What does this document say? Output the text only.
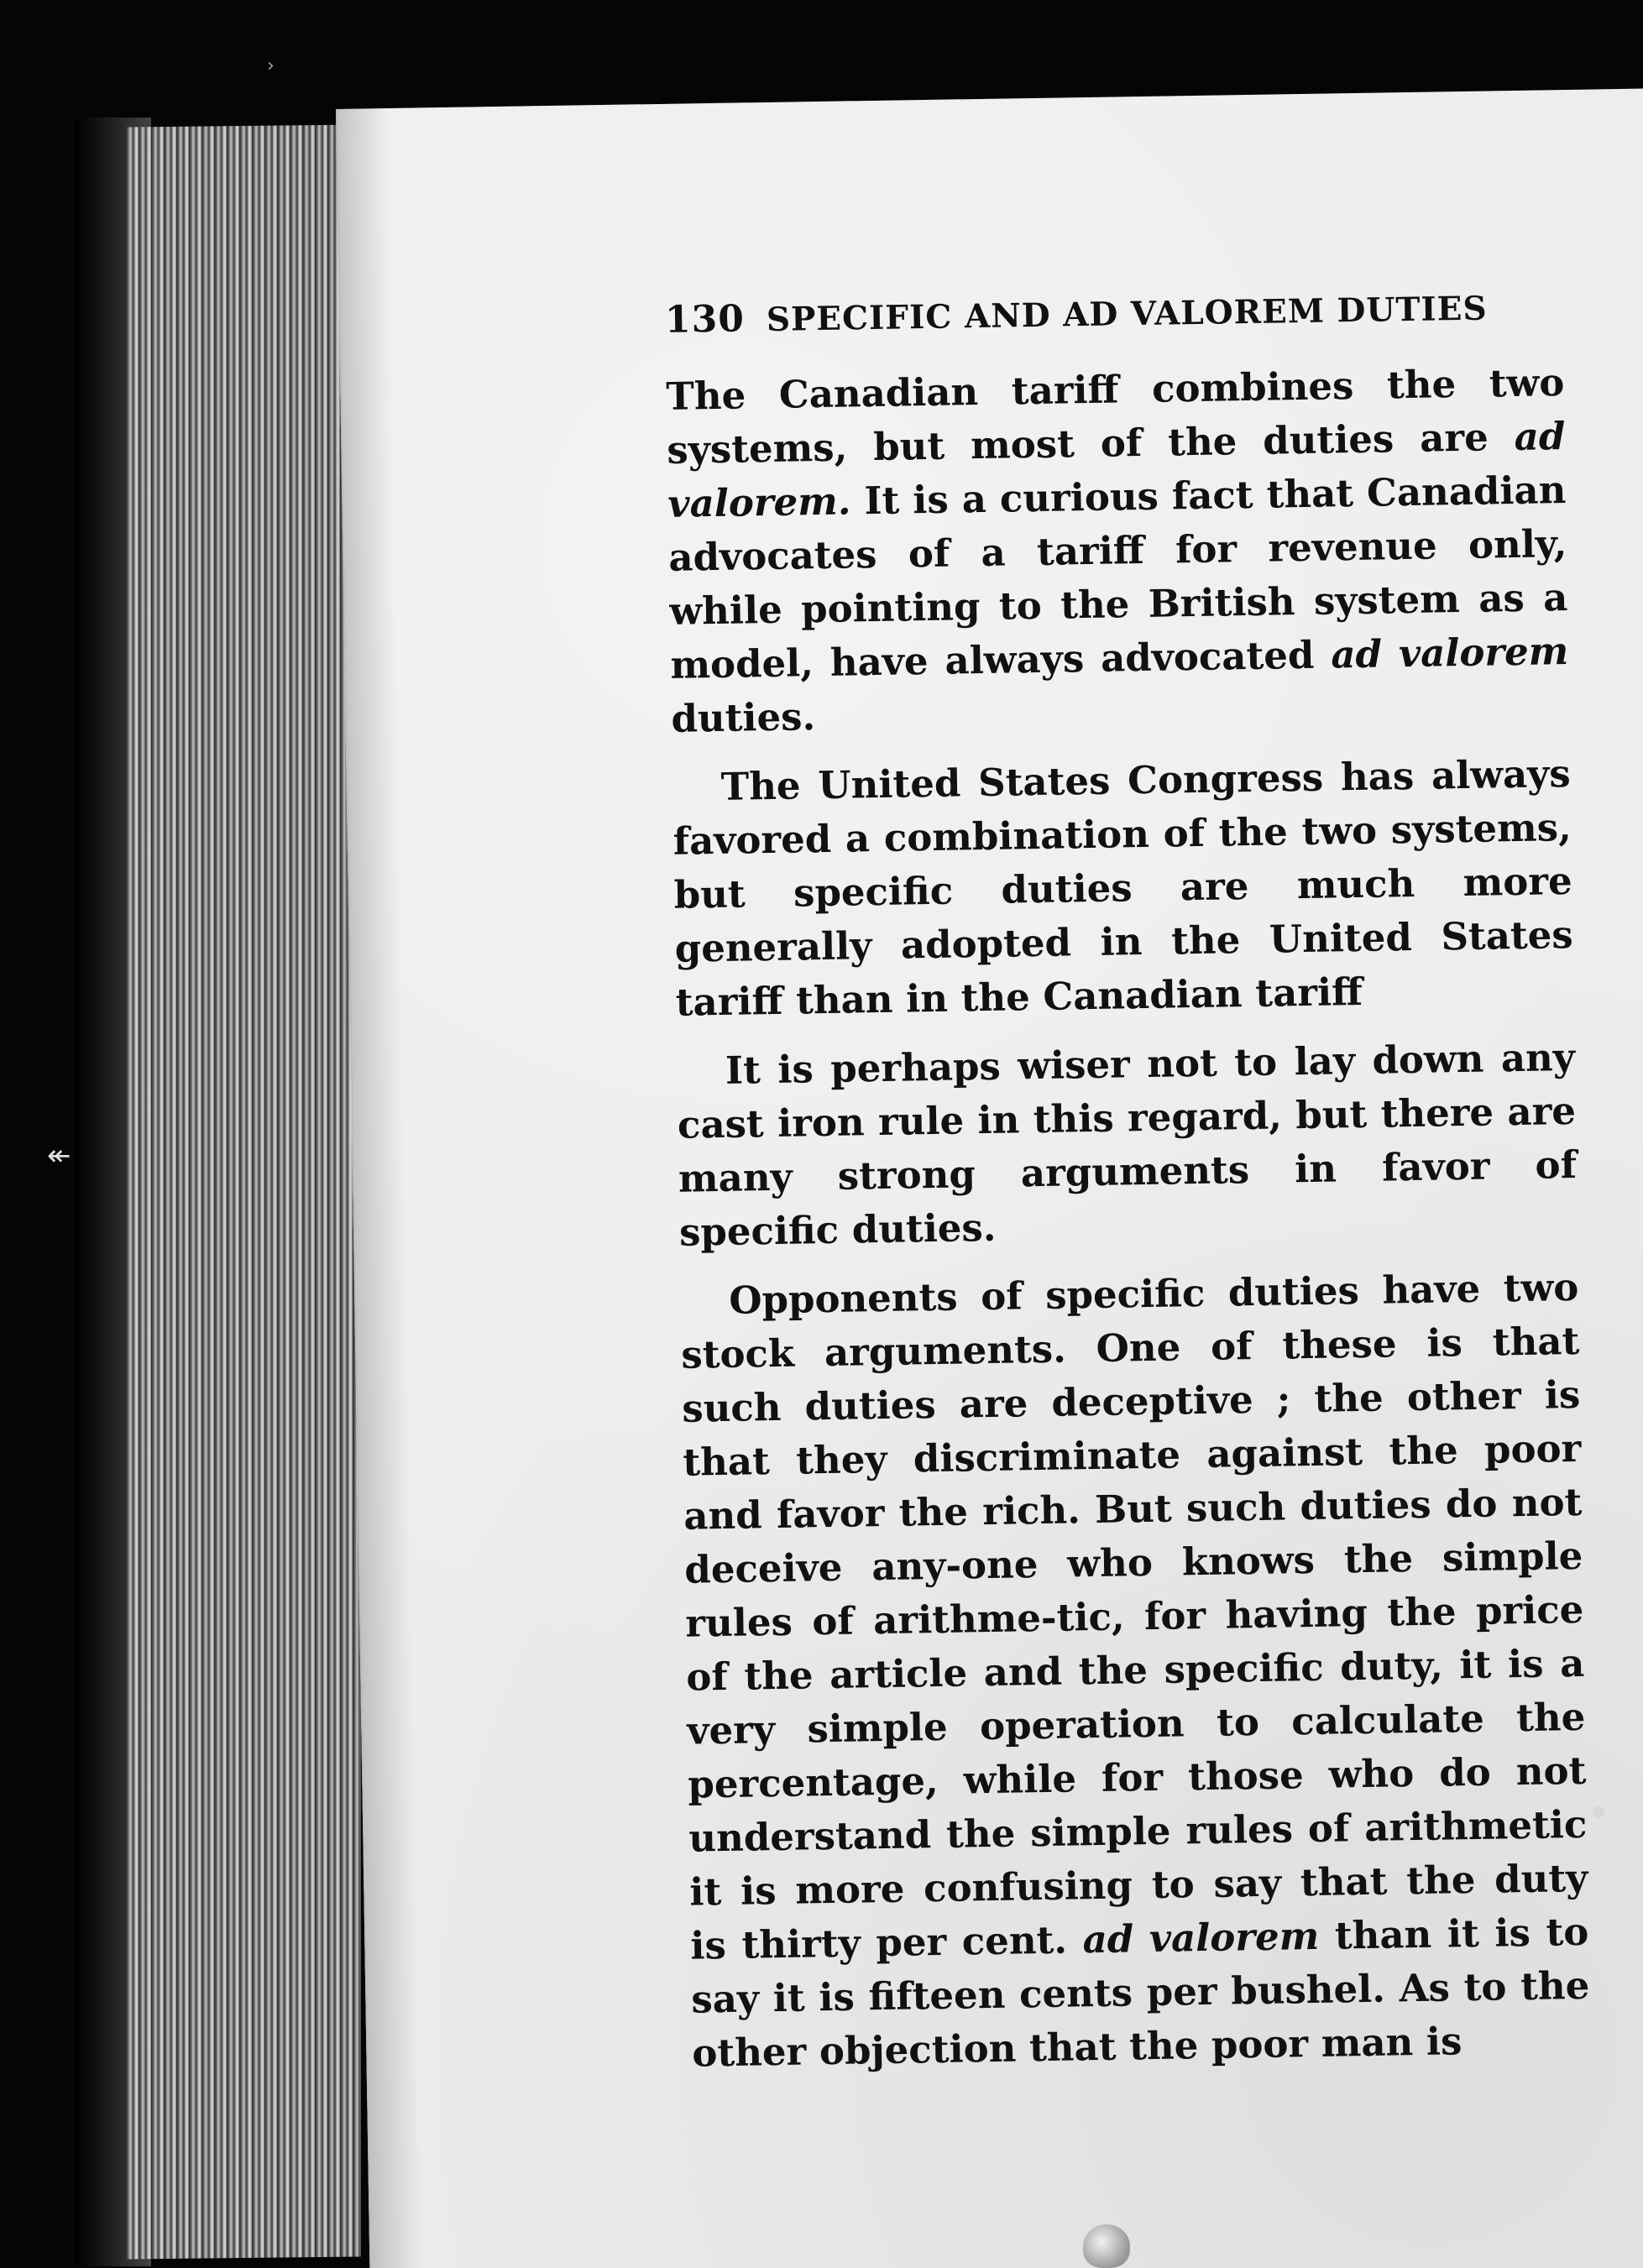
›
↞
130 SPECIFIC AND AD VALOREM DUTIES

The Canadian tariff combines the two systems, but most of the duties are ad valorem. It is a curious fact that Canadian advocates of a tariff for revenue only, while pointing to the British system as a model, have always advocated ad valorem duties.

The United States Congress has always favored a combination of the two systems, but specific duties are much more generally adopted in the United States tariff than in the Canadian tariff

It is perhaps wiser not to lay down any cast iron rule in this regard, but there are many strong arguments in favor of specific duties.

Opponents of specific duties have two stock arguments. One of these is that such duties are deceptive ; the other is that they discriminate against the poor and favor the rich. But such duties do not deceive any-one who knows the simple rules of arithme-tic, for having the price of the article and the specific duty, it is a very simple operation to calculate the percentage, while for those who do not understand the simple rules of arithmetic it is more confusing to say that the duty is thirty per cent. ad valorem than it is to say it is fifteen cents per bushel. As to the other objection that the poor man is
